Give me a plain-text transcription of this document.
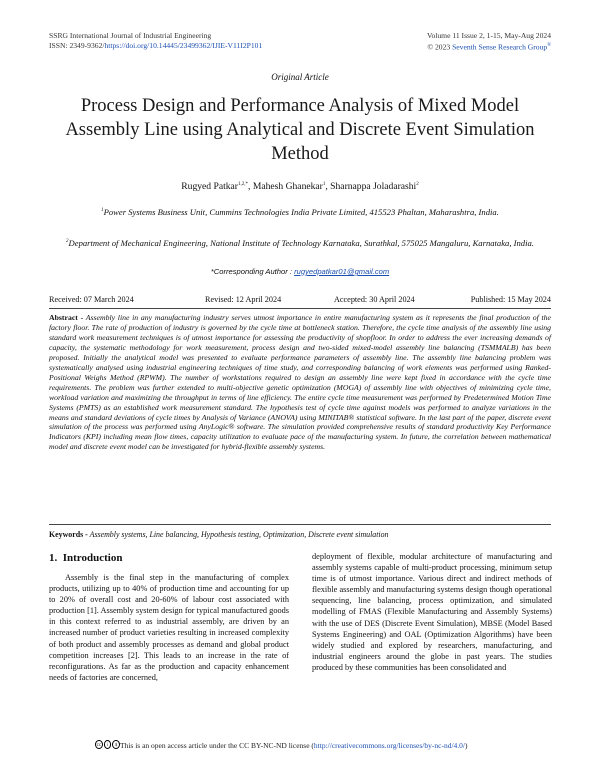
SSRG International Journal of Industrial Engineering
ISSN: 2349-9362/https://doi.org/10.14445/23499362/IJIE-V11I2P101
Volume 11 Issue 2, 1-15, May-Aug 2024
© 2023 Seventh Sense Research Group®
Original Article
Process Design and Performance Analysis of Mixed Model Assembly Line using Analytical and Discrete Event Simulation Method
Rugyed Patkar$^{1,2,*}$, Mahesh Ghanekar$^1$, Sharnappa Joladarashi$^2$
$^1$Power Systems Business Unit, Cummins Technologies India Private Limited, 415523 Phaltan, Maharashtra, India.
$^2$Department of Mechanical Engineering, National Institute of Technology Karnataka, Surathkal, 575025 Mangaluru, Karnataka, India.
*Corresponding Author : rugyedpatkar01@gmail.com
Received: 07 March 2024	Revised: 12 April 2024	Accepted: 30 April 2024	Published: 15 May 2024
Abstract - Assembly line in any manufacturing industry serves utmost importance in entire manufacturing system as it represents the final production of the factory floor. The rate of production of industry is governed by the cycle time at bottleneck station. Therefore, the cycle time analysis of the assembly line using standard work measurement techniques is of utmost importance for assessing the productivity of shopfloor. In order to address the ever increasing demands of capacity, the systematic methodology for work measurement, process design and two-sided mixed-model assembly line balancing (TSMMALB) has been proposed. Initially the analytical model was presented to evaluate performance parameters of assembly line. The assembly line balancing problem was systematically analysed using industrial engineering techniques of time study, and corresponding balancing of work elements was performed using Ranked-Positional Weighs Method (RPWM). The number of workstations required to design an assembly line were kept fixed in accordance with the cycle time requirements. The problem was further extended to multi-objective genetic optimization (MOGA) of assembly line with objectives of minimizing cycle time, workload variation and maximizing the throughput in terms of line efficiency. The entire cycle time measurement was performed by Predetermined Motion Time Systems (PMTS) as an established work measurement standard. The hypothesis test of cycle time against models was performed to analyze variations in the means and standard deviations of cycle times by Analysis of Variance (ANOVA) using MINITAB® statistical software. In the last part of the paper, discrete event simulation of the process was performed using AnyLogic® software. The simulation provided comprehensive results of standard productivity Key Performance Indicators (KPI) including mean flow times, capacity utilization to evaluate pace of the manufacturing system. In future, the correlation between mathematical model and discrete event model can be investigated for hybrid-flexible assembly systems.
Keywords - Assembly systems, Line balancing, Hypothesis testing, Optimization, Discrete event simulation
1. Introduction

Assembly is the final step in the manufacturing of complex products, utilizing up to 40% of production time and accounting for up to 20% of overall cost and 20-60% of labour cost associated with production [1]. Assembly system design for typical manufactured goods in this context referred to as industrial assembly, are driven by an increased number of product varieties resulting in increased complexity of both product and assembly processes as demand and global product competition increases [2]. This leads to an increase in the rate of reconfigurations. As far as the production and capacity enhancement needs of factories are concerned,

deployment of flexible, modular architecture of manufacturing and assembly systems capable of multi-product processing, minimum setup time is of utmost importance. Various direct and indirect methods of flexible assembly and manufacturing systems design though operational sequencing, line balancing, process optimization, and simulated modelling of FMAS (Flexible Manufacturing and Assembly Systems) with the use of DES (Discrete Event Simulation), MBSE (Model Based Systems Engineering) and OAL (Optimization Algorithms) have been widely studied and explored by researchers, manufacturing, and industrial engineers around the globe in past years. The studies produced by these communities has been consolidated and

cc	i	$ This is an open access article under the CC BY-NC-ND license (http://creativecommons.org/licenses/by-nc-nd/4.0/)
